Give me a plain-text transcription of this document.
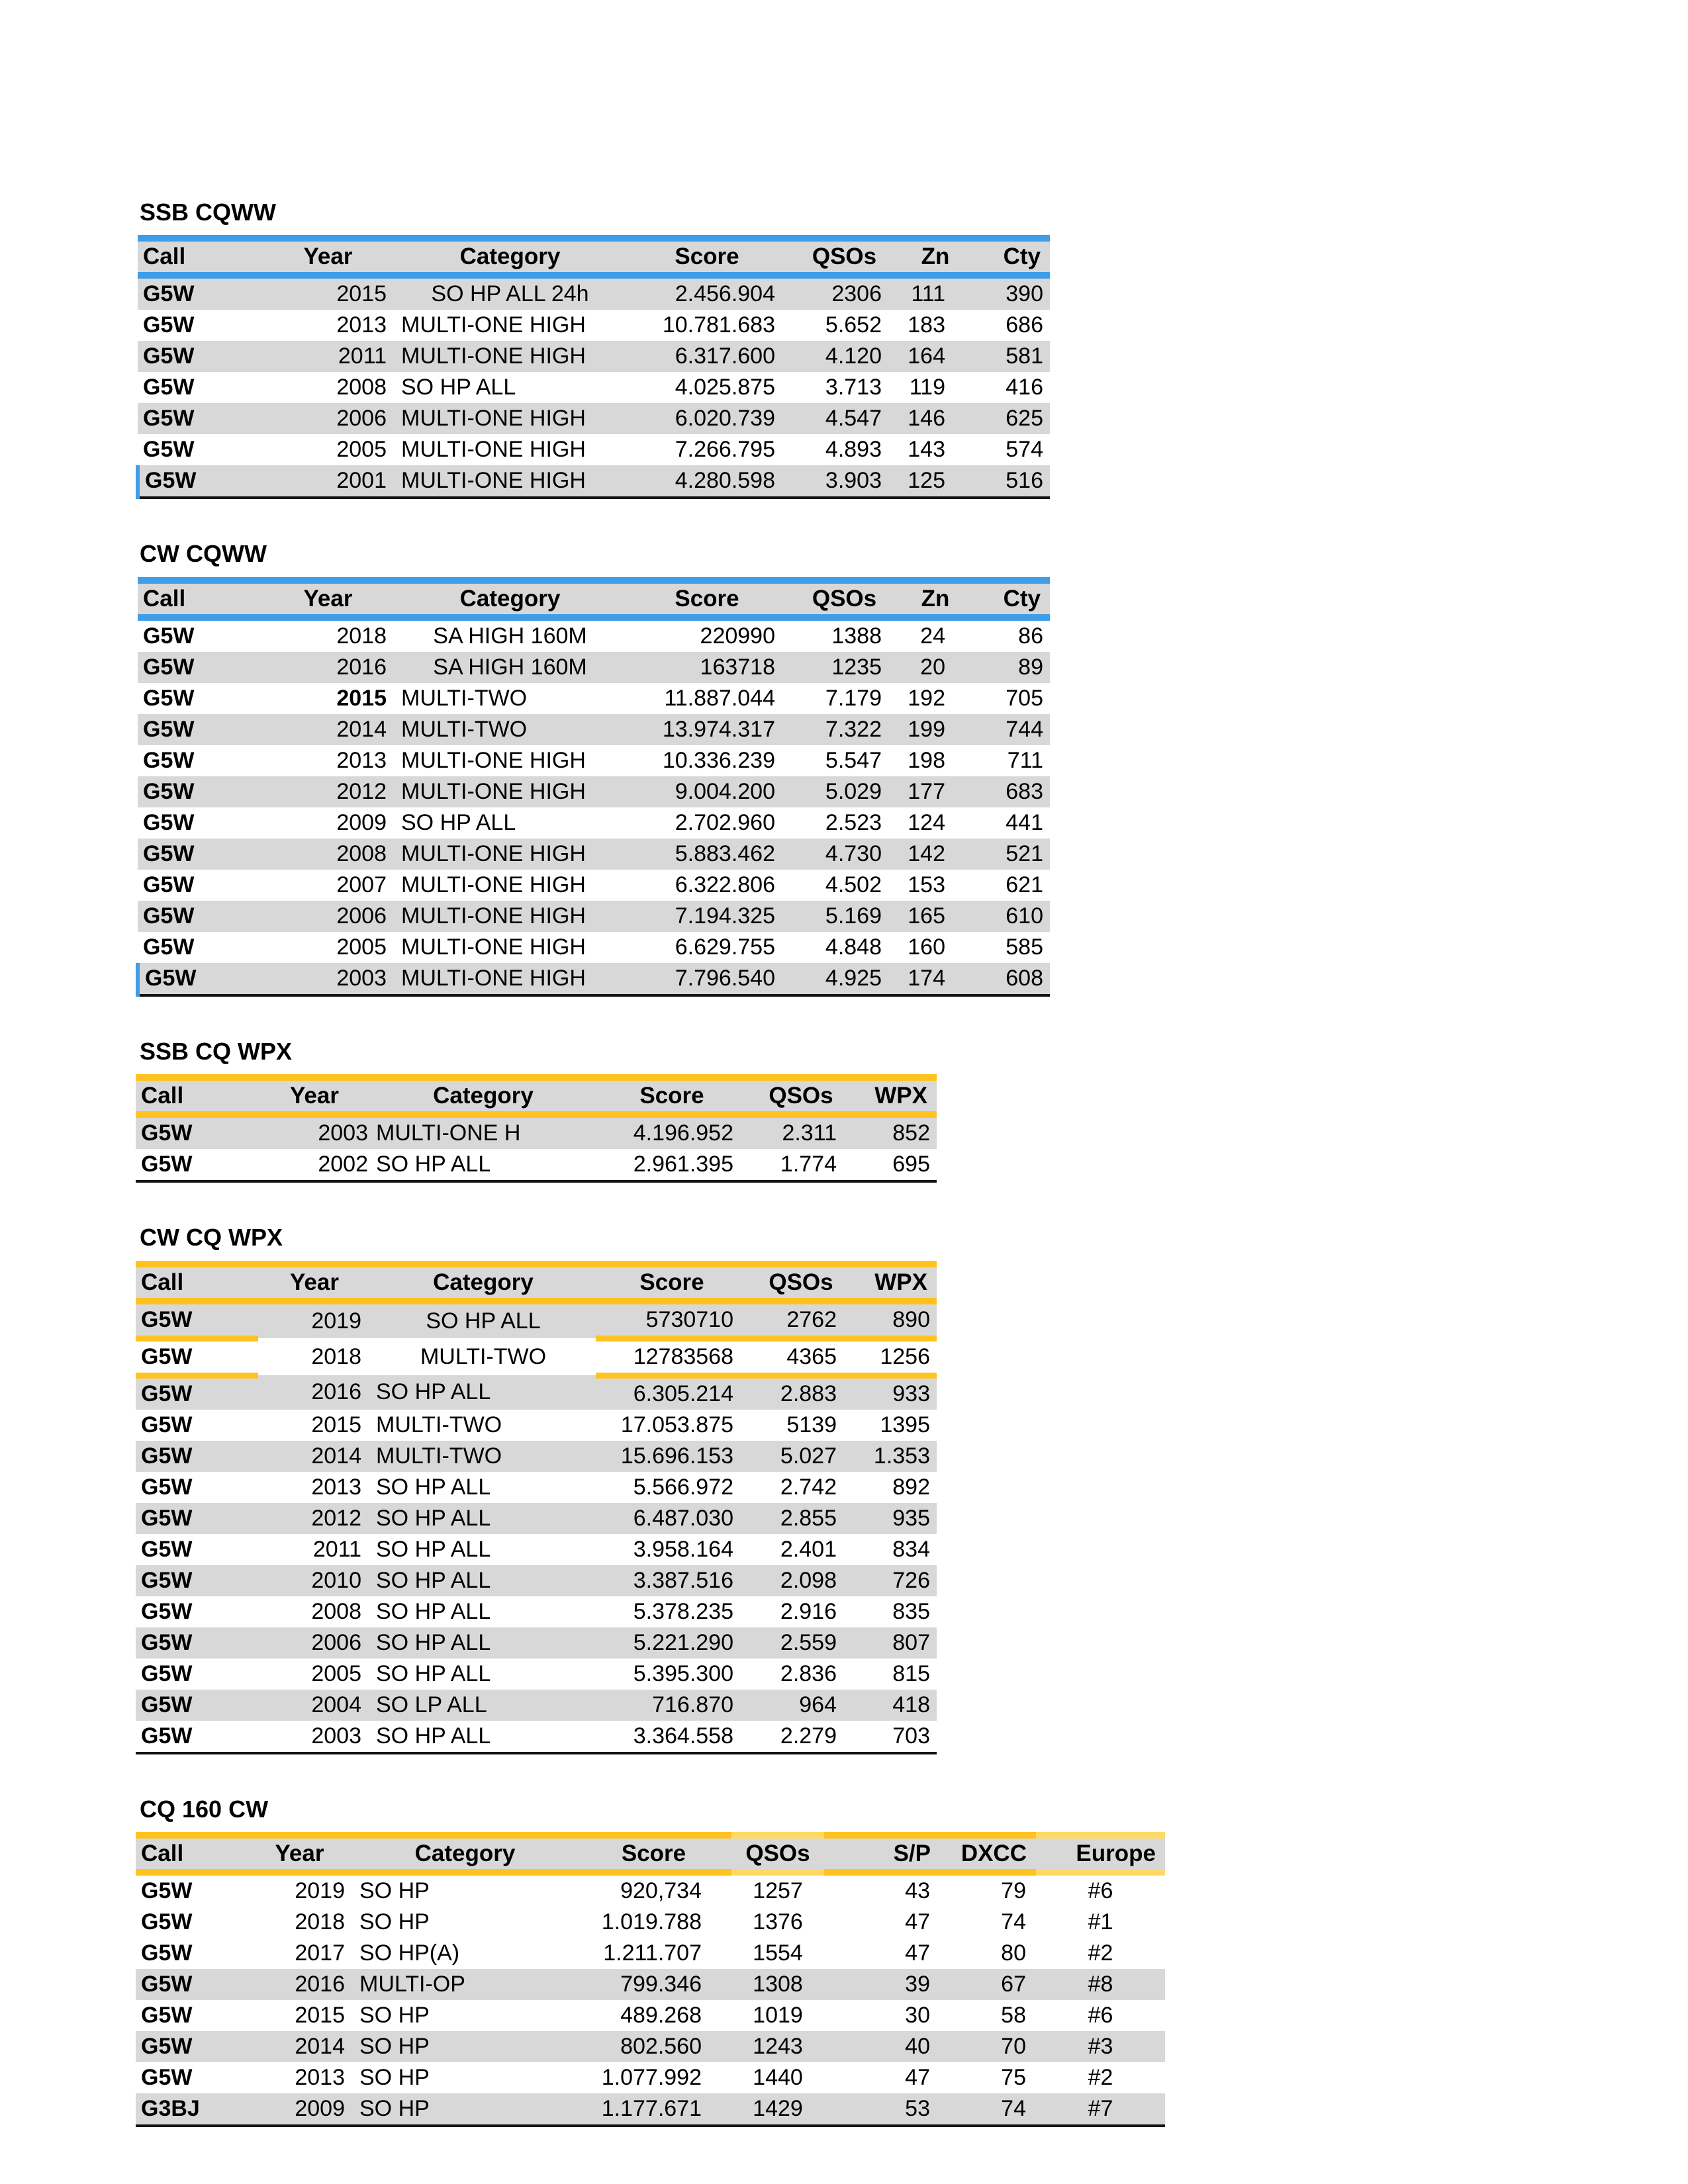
SSB CQWW
Call	Year	Category	Score	QSOs	Zn	Cty
G5W	2015	SO HP ALL 24h	2.456.904	2306	111	390
G5W	2013	MULTI-ONE HIGH	10.781.683	5.652	183	686
G5W	2011	MULTI-ONE HIGH	6.317.600	4.120	164	581
G5W	2008	SO HP ALL	4.025.875	3.713	119	416
G5W	2006	MULTI-ONE HIGH	6.020.739	4.547	146	625
G5W	2005	MULTI-ONE HIGH	7.266.795	4.893	143	574
G5W	2001	MULTI-ONE HIGH	4.280.598	3.903	125	516
CW CQWW
Call	Year	Category	Score	QSOs	Zn	Cty
G5W	2018	SA HIGH 160M	220990	1388	24	86
G5W	2016	SA HIGH 160M	163718	1235	20	89
G5W	2015	MULTI-TWO	11.887.044	7.179	192	705
G5W	2014	MULTI-TWO	13.974.317	7.322	199	744
G5W	2013	MULTI-ONE HIGH	10.336.239	5.547	198	711
G5W	2012	MULTI-ONE HIGH	9.004.200	5.029	177	683
G5W	2009	SO HP ALL	2.702.960	2.523	124	441
G5W	2008	MULTI-ONE HIGH	5.883.462	4.730	142	521
G5W	2007	MULTI-ONE HIGH	6.322.806	4.502	153	621
G5W	2006	MULTI-ONE HIGH	7.194.325	5.169	165	610
G5W	2005	MULTI-ONE HIGH	6.629.755	4.848	160	585
G5W	2003	MULTI-ONE HIGH	7.796.540	4.925	174	608
SSB CQ WPX
Call	Year	Category	Score	QSOs	WPX
G5W	2003	MULTI-ONE H	4.196.952	2.311	852
G5W	2002	SO HP ALL	2.961.395	1.774	695
CW CQ WPX
Call	Year	Category	Score	QSOs	WPX
G5W	2019	SO HP ALL	5730710	2762	890
G5W	2018	MULTI-TWO	12783568	4365	1256
G5W	2016	SO HP ALL	6.305.214	2.883	933
G5W	2015	MULTI-TWO	17.053.875	5139	1395
G5W	2014	MULTI-TWO	15.696.153	5.027	1.353
G5W	2013	SO HP ALL	5.566.972	2.742	892
G5W	2012	SO HP ALL	6.487.030	2.855	935
G5W	2011	SO HP ALL	3.958.164	2.401	834
G5W	2010	SO HP ALL	3.387.516	2.098	726
G5W	2008	SO HP ALL	5.378.235	2.916	835
G5W	2006	SO HP ALL	5.221.290	2.559	807
G5W	2005	SO HP ALL	5.395.300	2.836	815
G5W	2004	SO LP ALL	716.870	964	418
G5W	2003	SO HP ALL	3.364.558	2.279	703
CQ 160 CW
Call	Year	Category	Score	QSOs	S/P	DXCC	Europe
G5W	2019	SO HP	920,734	1257	43	79	#6
G5W	2018	SO HP	1.019.788	1376	47	74	#1
G5W	2017	SO HP(A)	1.211.707	1554	47	80	#2
G5W	2016	MULTI-OP	799.346	1308	39	67	#8
G5W	2015	SO HP	489.268	1019	30	58	#6
G5W	2014	SO HP	802.560	1243	40	70	#3
G5W	2013	SO HP	1.077.992	1440	47	75	#2
G3BJ	2009	SO HP	1.177.671	1429	53	74	#7
